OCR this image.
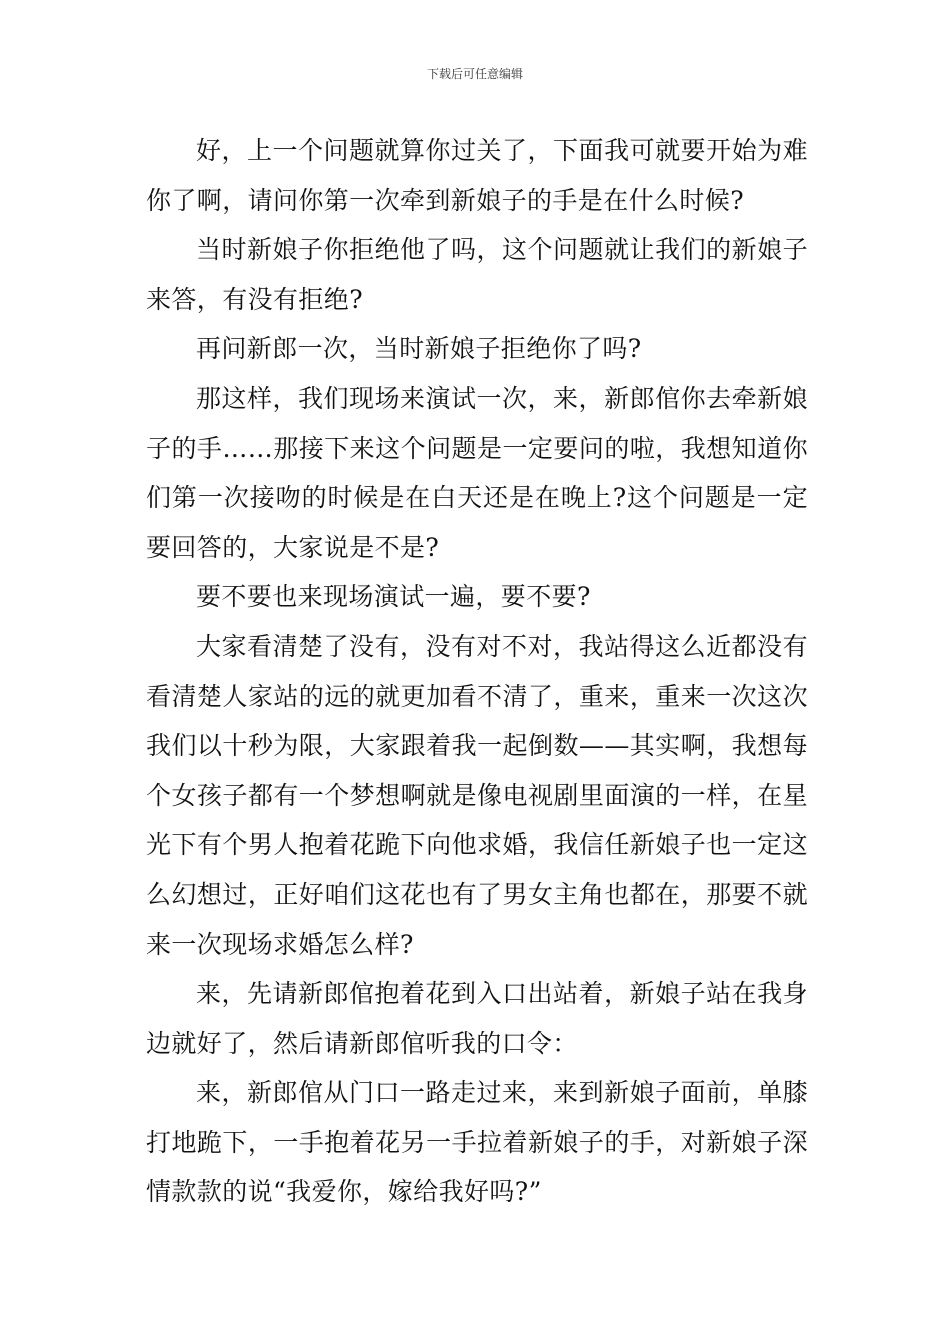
下载后可任意编辑

好，上一个问题就算你过关了，下面我可就要开始为难你了啊，请问你第一次牵到新娘子的手是在什么时候?

当时新娘子你拒绝他了吗，这个问题就让我们的新娘子来答，有没有拒绝?

再问新郎一次，当时新娘子拒绝你了吗?

那这样，我们现场来演试一次，来，新郎倌你去牵新娘子的手……那接下来这个问题是一定要问的啦，我想知道你们第一次接吻的时候是在白天还是在晚上?这个问题是一定要回答的，大家说是不是?

要不要也来现场演试一遍，要不要?

大家看清楚了没有，没有对不对，我站得这么近都没有看清楚人家站的远的就更加看不清了，重来，重来一次这次我们以十秒为限，大家跟着我一起倒数——其实啊，我想每个女孩子都有一个梦想啊就是像电视剧里面演的一样，在星光下有个男人抱着花跪下向他求婚，我信任新娘子也一定这么幻想过，正好咱们这花也有了男女主角也都在，那要不就来一次现场求婚怎么样?

来，先请新郎倌抱着花到入口出站着，新娘子站在我身边就好了，然后请新郎倌听我的口令：

来，新郎倌从门口一路走过来，来到新娘子面前，单膝打地跪下，一手抱着花另一手拉着新娘子的手，对新娘子深情款款的说“我爱你，嫁给我好吗?”
